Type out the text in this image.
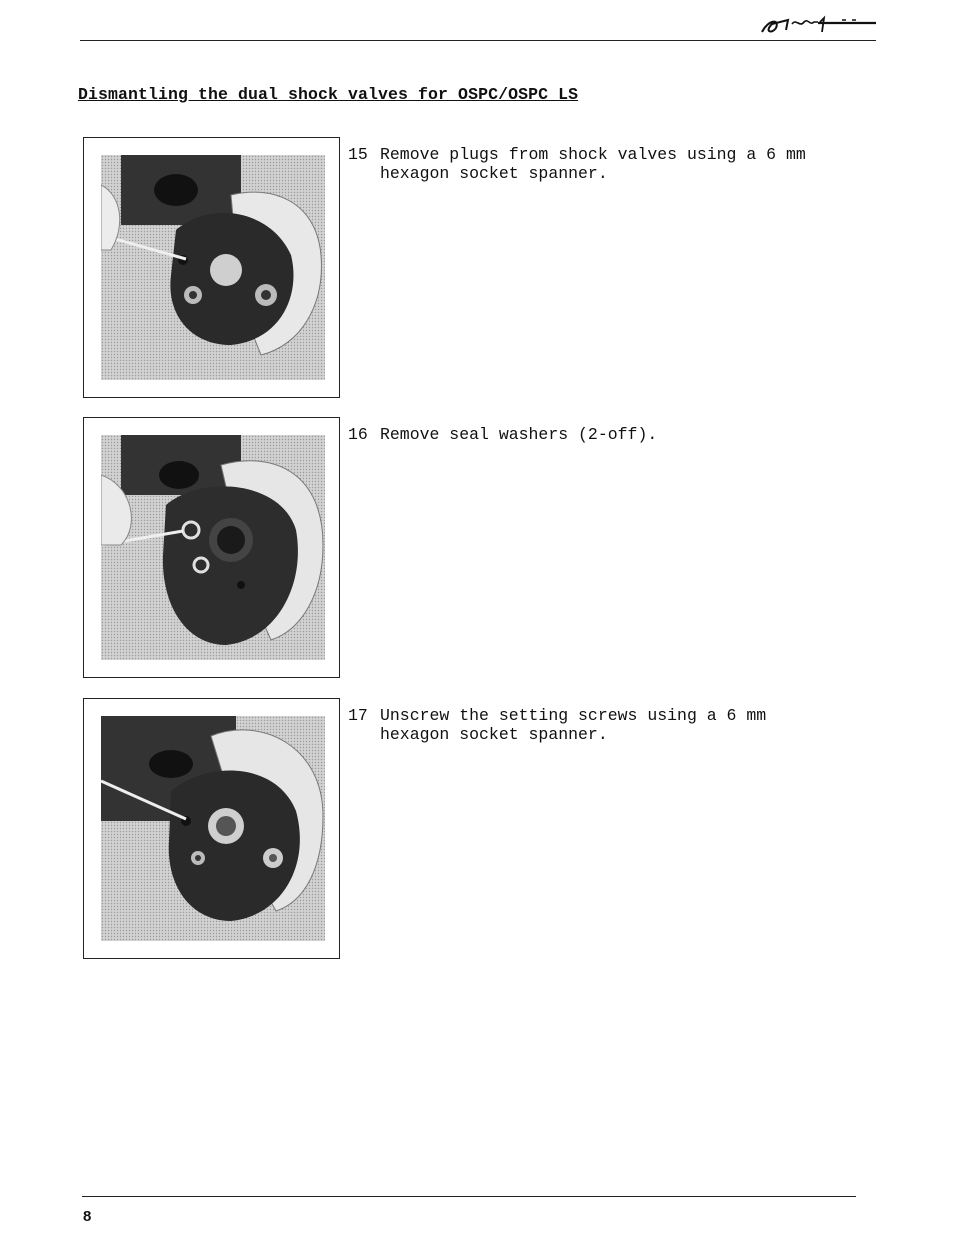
Dismantling the dual shock valves for OSPC/OSPC LS

15 Remove plugs from shock valves using a 6 mm
hexagon socket spanner.

16 Remove seal washers (2-off).

17 Unscrew the setting screws using a 6 mm
hexagon socket spanner.

8
